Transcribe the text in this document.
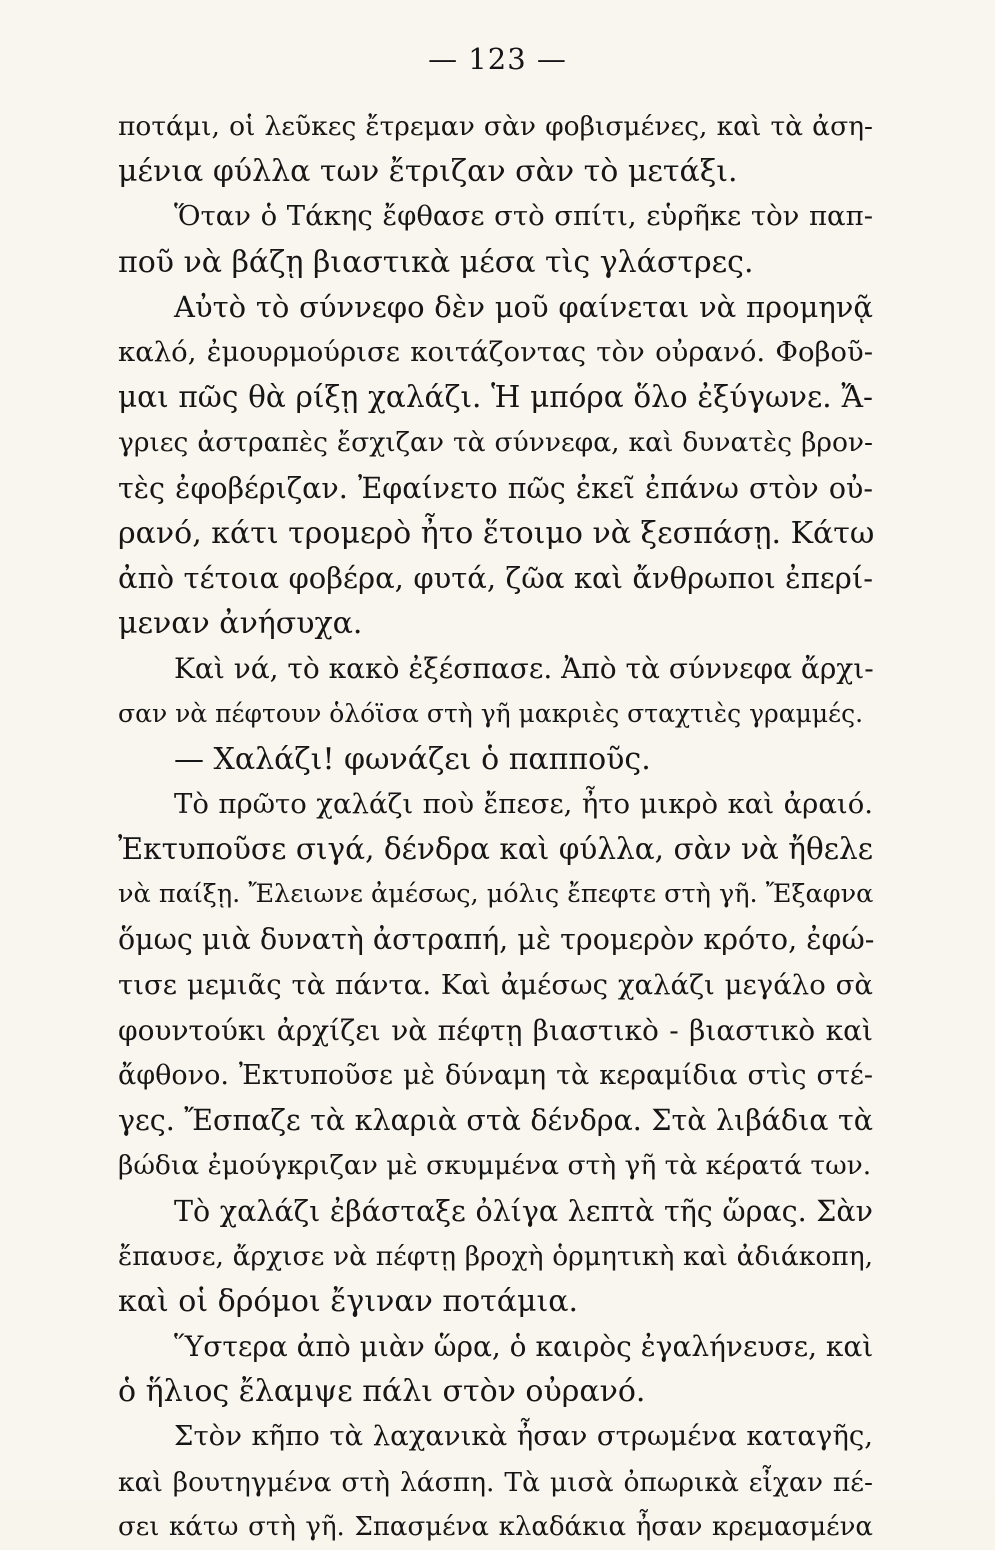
— 123 —
ποτάμι, οἱ λεῦκες ἔτρεμαν σὰν φοβισμένες, καὶ τὰ ἀση-
μένια φύλλα των ἔτριζαν σὰν τὸ μετάξι.
Ὅταν ὁ Τάκης ἔφθασε στὸ σπίτι, εὑρῆκε τὸν παπ-
ποῦ νὰ βάζῃ βιαστικὰ μέσα τὶς γλάστρες.
Αὐτὸ τὸ σύννεφο δὲν μοῦ φαίνεται νὰ προμηνᾷ
καλό, ἐμουρμούρισε κοιτάζοντας τὸν οὐρανό. Φοβοῦ-
μαι πῶς θὰ ρίξῃ χαλάζι. Ἡ μπόρα ὅλο ἐξύγωνε. Ἄ-
γριες ἀστραπὲς ἔσχιζαν τὰ σύννεφα, καὶ δυνατὲς βρον-
τὲς ἐφοβέριζαν. Ἐφαίνετο πῶς ἐκεῖ ἐπάνω στὸν οὐ-
ρανό, κάτι τρομερὸ ἦτο ἕτοιμο νὰ ξεσπάσῃ. Κάτω
ἀπὸ τέτοια φοβέρα, φυτά, ζῶα καὶ ἄνθρωποι ἐπερί-
μεναν ἀνήσυχα.
Καὶ νά, τὸ κακὸ ἐξέσπασε. Ἀπὸ τὰ σύννεφα ἄρχι-
σαν νὰ πέφτουν ὁλόϊσα στὴ γῆ μακριὲς σταχτιὲς γραμμές.
— Χαλάζι! φωνάζει ὁ παπποῦς.
Τὸ πρῶτο χαλάζι ποὺ ἔπεσε, ἦτο μικρὸ καὶ ἀραιό.
Ἐκτυποῦσε σιγά, δένδρα καὶ φύλλα, σὰν νὰ ἤθελε
νὰ παίξῃ. Ἔλειωνε ἀμέσως, μόλις ἔπεφτε στὴ γῆ. Ἔξαφνα
ὅμως μιὰ δυνατὴ ἀστραπή, μὲ τρομερὸν κρότο, ἐφώ-
τισε μεμιᾶς τὰ πάντα. Καὶ ἀμέσως χαλάζι μεγάλο σὰ
φουντούκι ἀρχίζει νὰ πέφτῃ βιαστικὸ - βιαστικὸ καὶ
ἄφθονο. Ἐκτυποῦσε μὲ δύναμη τὰ κεραμίδια στὶς στέ-
γες. Ἔσπαζε τὰ κλαριὰ στὰ δένδρα. Στὰ λιβάδια τὰ
βώδια ἐμούγκριζαν μὲ σκυμμένα στὴ γῆ τὰ κέρατά των.
Τὸ χαλάζι ἐβάσταξε ὀλίγα λεπτὰ τῆς ὥρας. Σὰν
ἔπαυσε, ἄρχισε νὰ πέφτῃ βροχὴ ὁρμητικὴ καὶ ἀδιάκοπη,
καὶ οἱ δρόμοι ἔγιναν ποτάμια.
Ὕστερα ἀπὸ μιὰν ὥρα, ὁ καιρὸς ἐγαλήνευσε, καὶ
ὁ ἥλιος ἔλαμψε πάλι στὸν οὐρανό.
Στὸν κῆπο τὰ λαχανικὰ ἦσαν στρωμένα καταγῆς,
καὶ βουτηγμένα στὴ λάσπη. Τὰ μισὰ ὀπωρικὰ εἶχαν πέ-
σει κάτω στὴ γῆ. Σπασμένα κλαδάκια ἦσαν κρεμασμένα
